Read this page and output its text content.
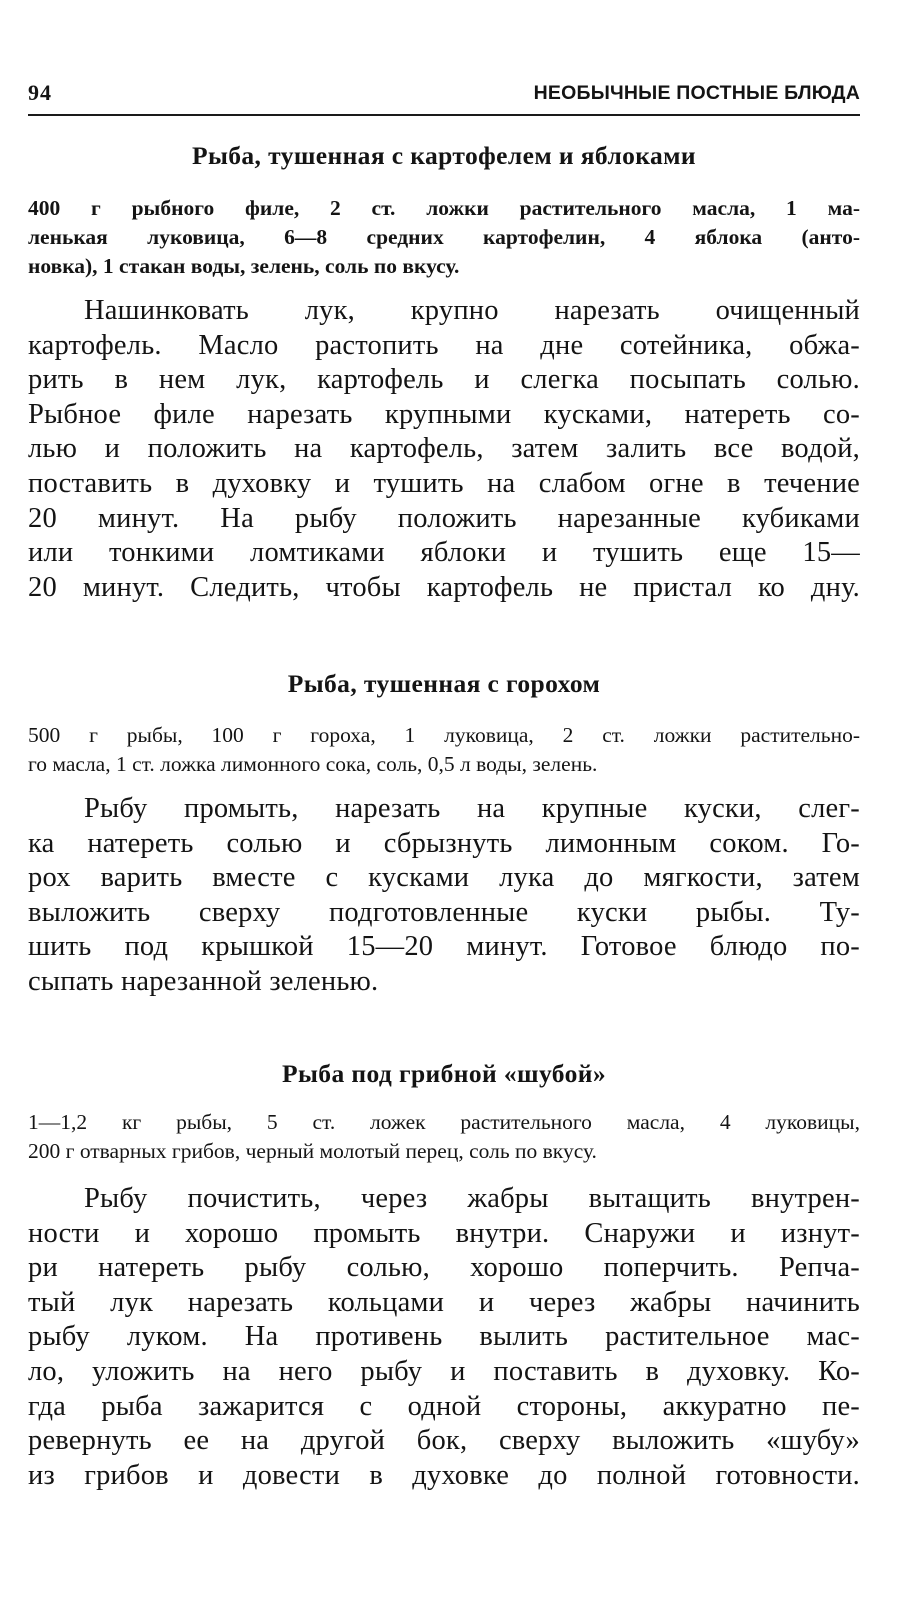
94	НЕОБЫЧНЫЕ ПОСТНЫЕ БЛЮДА
Рыба, тушенная с картофелем и яблоками
400 г рыбного филе, 2 ст. ложки растительного масла, 1 ма-
ленькая луковица, 6—8 средних картофелин, 4 яблока (анто-
новка), 1 стакан воды, зелень, соль по вкусу.
Нашинковать лук, крупно нарезать очищенный
картофель. Масло растопить на дне сотейника, обжа-
рить в нем лук, картофель и слегка посыпать солью.
Рыбное филе нарезать крупными кусками, натереть со-
лью и положить на картофель, затем залить все водой,
поставить в духовку и тушить на слабом огне в течение
20 минут. На рыбу положить нарезанные кубиками
или тонкими ломтиками яблоки и тушить еще 15—
20 минут. Следить, чтобы картофель не пристал ко дну.
Рыба, тушенная с горохом
500 г рыбы, 100 г гороха, 1 луковица, 2 ст. ложки растительно-
го масла, 1 ст. ложка лимонного сока, соль, 0,5 л воды, зелень.
Рыбу промыть, нарезать на крупные куски, слег-
ка натереть солью и сбрызнуть лимонным соком. Го-
рох варить вместе с кусками лука до мягкости, затем
выложить сверху подготовленные куски рыбы. Ту-
шить под крышкой 15—20 минут. Готовое блюдо по-
сыпать нарезанной зеленью.
Рыба под грибной «шубой»
1—1,2 кг рыбы, 5 ст. ложек растительного масла, 4 луковицы,
200 г отварных грибов, черный молотый перец, соль по вкусу.
Рыбу почистить, через жабры вытащить внутрен-
ности и хорошо промыть внутри. Снаружи и изнут-
ри натереть рыбу солью, хорошо поперчить. Репча-
тый лук нарезать кольцами и через жабры начинить
рыбу луком. На противень вылить растительное мас-
ло, уложить на него рыбу и поставить в духовку. Ко-
гда рыба зажарится с одной стороны, аккуратно пе-
ревернуть ее на другой бок, сверху выложить «шубу»
из грибов и довести в духовке до полной готовности.
